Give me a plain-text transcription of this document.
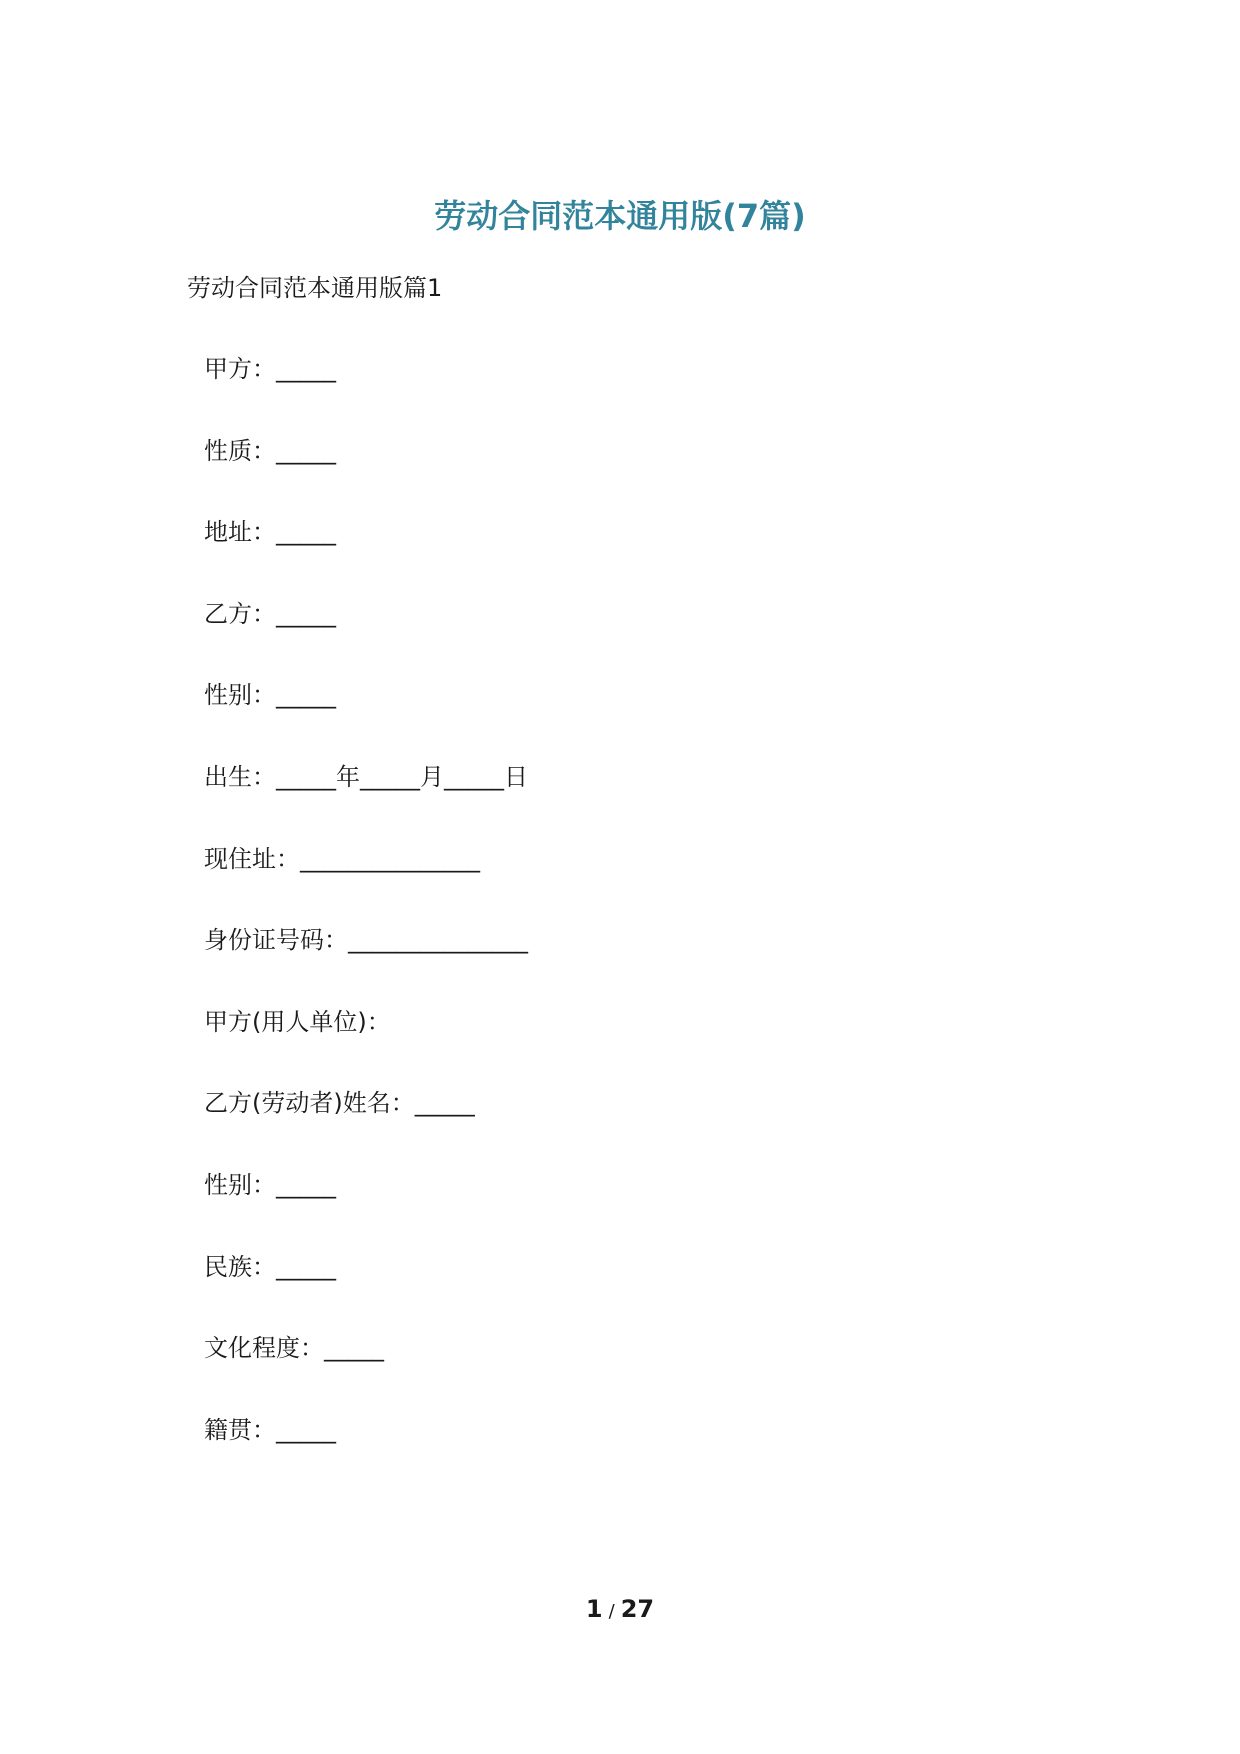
劳动合同范本通用版(7篇)
劳动合同范本通用版篇1
甲方：_____
性质：_____
地址：_____
乙方：_____
性别：_____
出生：_____年_____月_____日
现住址：_______________
身份证号码：_______________
甲方(用人单位)：
乙方(劳动者)姓名：_____
性别：_____
民族：_____
文化程度：_____
籍贯：_____
1 / 27
